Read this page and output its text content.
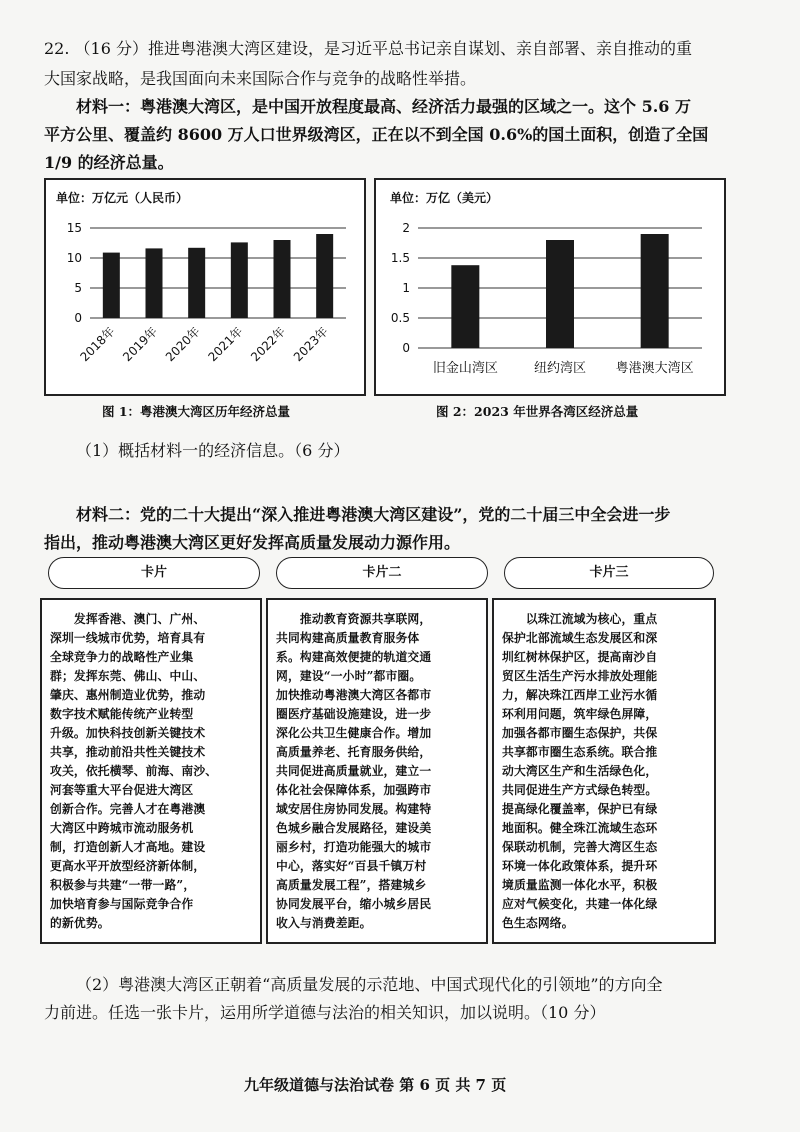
22. （16 分）推进粤港澳大湾区建设，是习近平总书记亲自谋划、亲自部署、亲自推动的重
大国家战略，是我国面向未来国际合作与竞争的战略性举措。
材料一：粤港澳大湾区，是中国开放程度最高、经济活力最强的区域之一。这个 5.6 万
平方公里、覆盖约 8600 万人口世界级湾区，正在以不到全国 0.6%的国土面积，创造了全国
1/9 的经济总量。
单位：万亿元（人民币）
0
5
10
15
2018年 2019年 2020年 2021年 2022年 2023年
图 1：粤港澳大湾区历年经济总量
单位：万亿（美元）
0
0.5
1
1.5
2
旧金山湾区	纽约湾区 粤港澳大湾区
图 2：2023 年世界各湾区经济总量
（1）概括材料一的经济信息。（6 分）
材料二：党的二十大提出“深入推进粤港澳大湾区建设”，党的二十届三中全会进一步
指出，推动粤港澳大湾区更好发挥高质量发展动力源作用。
卡片	卡片二	卡片三
　　发挥香港、澳门、广州、
深圳一线城市优势，培育具有
全球竞争力的战略性产业集
群；发挥东莞、佛山、中山、
肇庆、惠州制造业优势，推动
数字技术赋能传统产业转型
升级。加快科技创新关键技术
共享，推动前沿共性关键技术
攻关，依托横琴、前海、南沙、
河套等重大平台促进大湾区
创新合作。完善人才在粤港澳
大湾区中跨城市流动服务机
制，打造创新人才高地。建设
更高水平开放型经济新体制，
积极参与共建“一带一路”，
加快培育参与国际竞争合作
的新优势。
　　推动教育资源共享联网，
共同构建高质量教育服务体
系。构建高效便捷的轨道交通
网，建设“一小时”都市圈。
加快推动粤港澳大湾区各都市
圈医疗基础设施建设，进一步
深化公共卫生健康合作。增加
高质量养老、托育服务供给，
共同促进高质量就业，建立一
体化社会保障体系，加强跨市
域安居住房协同发展。构建特
色城乡融合发展路径，建设美
丽乡村，打造功能强大的城市
中心，落实好“百县千镇万村
高质量发展工程”，搭建城乡
协同发展平台，缩小城乡居民
收入与消费差距。
　　以珠江流域为核心，重点
保护北部流域生态发展区和深
圳红树林保护区，提高南沙自
贸区生活生产污水排放处理能
力，解决珠江西岸工业污水循
环利用问题，筑牢绿色屏障，
加强各都市圈生态保护，共保
共享都市圈生态系统。联合推
动大湾区生产和生活绿色化，
共同促进生产方式绿色转型。
提高绿化覆盖率，保护已有绿
地面积。健全珠江流域生态环
保联动机制，完善大湾区生态
环境一体化政策体系，提升环
境质量监测一体化水平，积极
应对气候变化，共建一体化绿
色生态网络。
（2）粤港澳大湾区正朝着“高质量发展的示范地、中国式现代化的引领地”的方向全
力前进。任选一张卡片，运用所学道德与法治的相关知识，加以说明。（10 分）
九年级道德与法治试卷 第 6 页 共 7 页
